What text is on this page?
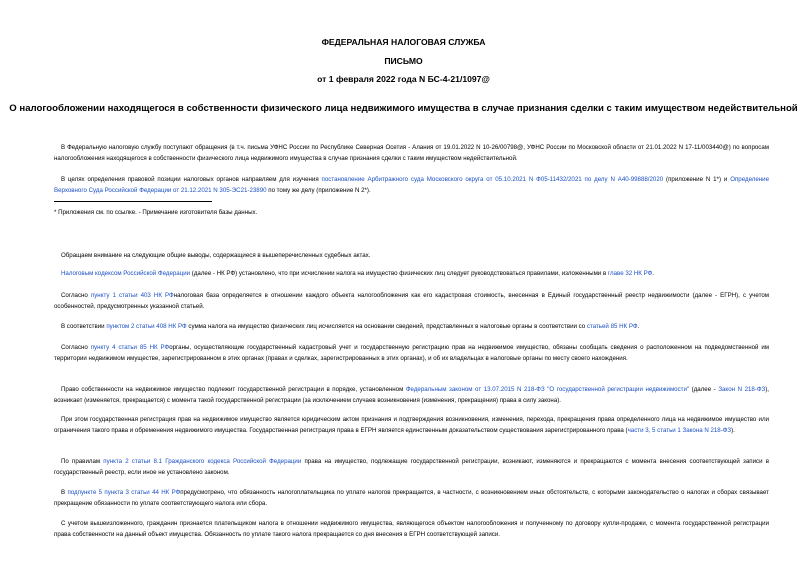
ФЕДЕРАЛЬНАЯ НАЛОГОВАЯ СЛУЖБА
ПИСЬМО
от 1 февраля 2022 года N БС-4-21/1097@
О налогообложении находящегося в собственности физического лица недвижимого имущества в случае признания сделки с таким имуществом недействительной

В Федеральную налоговую службу поступают обращения (в т.ч. письма УФНС России по Республике Северная Осетия - Алания от 19.01.2022 N 10-26/00798@, УФНС России по Московской области от 21.01.2022 N 17-11/003440@) по вопросам налогообложения находящегося в собственности физического лица недвижимого имущества в случае признания сделки с таким имуществом недействительной.

В целях определения правовой позиции налоговых органов направляем для изучения постановление Арбитражного суда Московского округа от 05.10.2021 N Ф05-11432/2021 по делу N А40-99888/2020 (приложение N 1*) и Определение Верховного Суда Российской Федерации от 21.12.2021 N 305-ЭС21-23890 по тому же делу (приложение N 2*).

* Приложения см. по ссылке. - Примечание изготовителя базы данных.

Обращаем внимание на следующие общие выводы, содержащиеся в вышеперечисленных судебных актах.

Налоговым кодексом Российской Федерации (далее - НК РФ) установлено, что при исчислении налога на имущество физических лиц следует руководствоваться правилами, изложенными в главе 32 НК РФ.

Согласно пункту 1 статьи 403 НК РФналоговая база определяется в отношении каждого объекта налогообложения как его кадастровая стоимость, внесенная в Единый государственный реестр недвижимости (далее - ЕГРН), с учетом особенностей, предусмотренных указанной статьей.

В соответствии пунктом 2 статьи 408 НК РФ сумма налога на имущество физических лиц исчисляется на основании сведений, представленных в налоговые органы в соответствии со статьей 85 НК РФ.

Согласно пункту 4 статьи 85 НК РФорганы, осуществляющие государственный кадастровый учет и государственную регистрацию прав на недвижимое имущество, обязаны сообщать сведения о расположенном на подведомственной им территории недвижимом имуществе, зарегистрированном в этих органах (правах и сделках, зарегистрированных в этих органах), и об их владельцах в налоговые органы по месту своего нахождения.

Право собственности на недвижимое имущество подлежит государственной регистрации в порядке, установленном Федеральным законом от 13.07.2015 N 218-ФЗ "О государственной регистрации недвижимости" (далее - Закон N 218-ФЗ), возникает (изменяется, прекращается) с момента такой государственной регистрации (за исключением случаев возникновения (изменения, прекращения) права в силу закона).

При этом государственная регистрация прав на недвижимое имущество является юридическим актом признания и подтверждения возникновения, изменения, перехода, прекращения права определенного лица на недвижимое имущество или ограничения такого права и обременения недвижимого имущества. Государственная регистрация права в ЕГРН является единственным доказательством существования зарегистрированного права (части 3, 5 статьи 1 Закона N 218-ФЗ).

По правилам пункта 2 статьи 8.1 Гражданского кодекса Российской Федерации права на имущество, подлежащие государственной регистрации, возникают, изменяются и прекращаются с момента внесения соответствующей записи в государственный реестр, если иное не установлено законом.

В подпункте 5 пункта 3 статьи 44 НК РФпредусмотрено, что обязанность налогоплательщика по уплате налогов прекращается, в частности, с возникновением иных обстоятельств, с которыми законодательство о налогах и сборах связывает прекращение обязанности по уплате соответствующего налога или сбора.

С учетом вышеизложенного, гражданин признается плательщиком налога в отношении недвижимого имущества, являющегося объектом налогообложения и полученному по договору купли-продажи, с момента государственной регистрации права собственности на данный объект имущества. Обязанность по уплате такого налога прекращается со дня внесения в ЕГРН соответствующей записи.
